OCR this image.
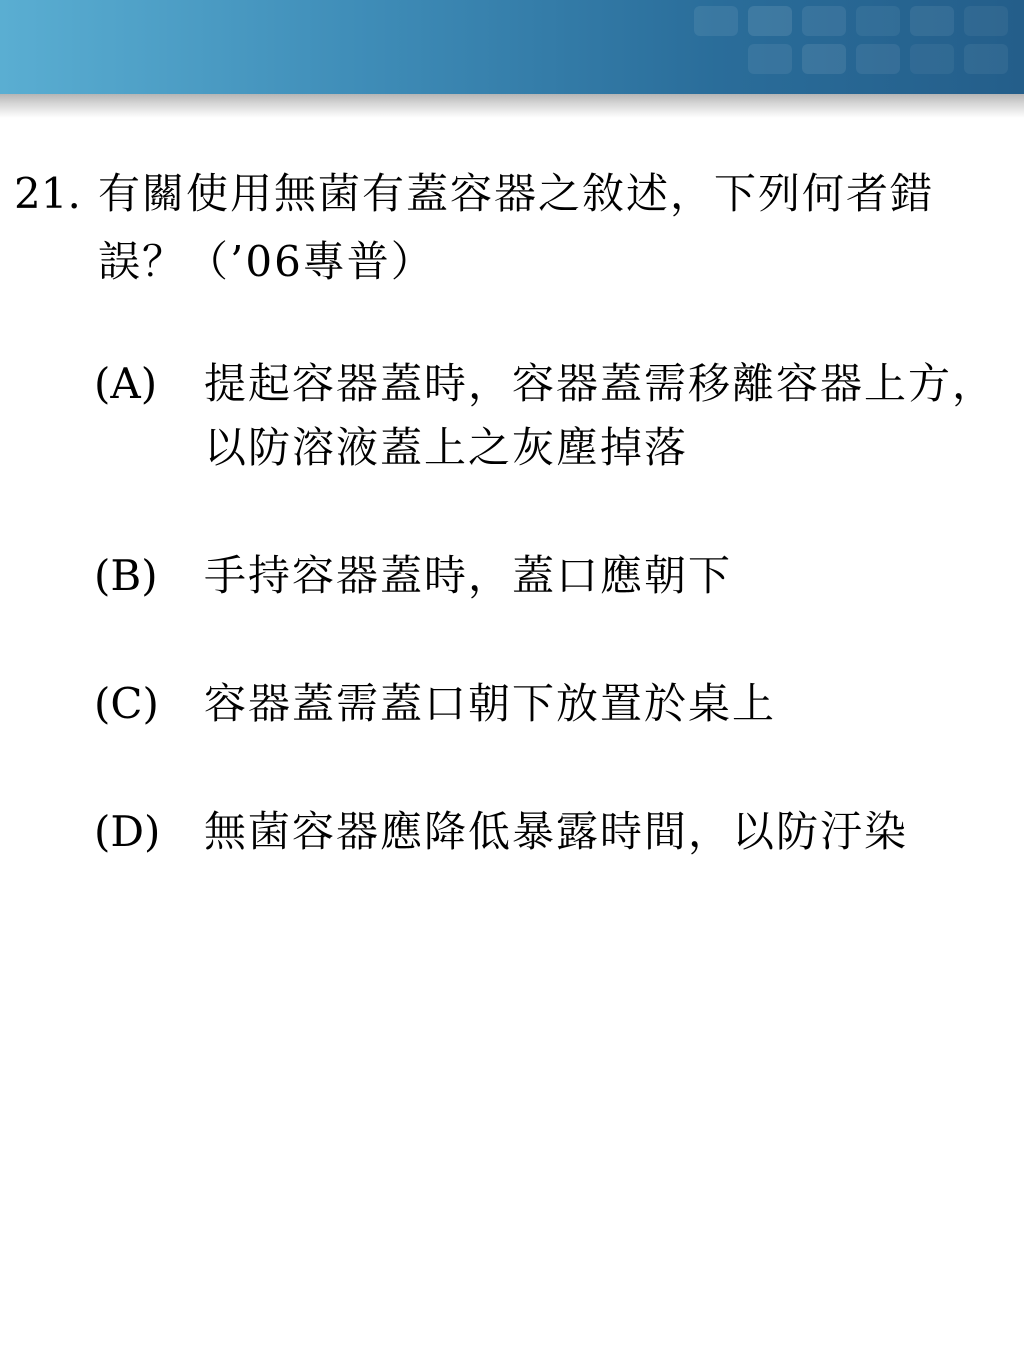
21. 有關使用無菌有蓋容器之敘述，下列何者錯誤？（’06專普）
(A)	提起容器蓋時，容器蓋需移離容器上方，以防溶液蓋上之灰塵掉落
(B)	手持容器蓋時，蓋口應朝下
(C)	容器蓋需蓋口朝下放置於桌上
(D)	無菌容器應降低暴露時間，以防汙染
